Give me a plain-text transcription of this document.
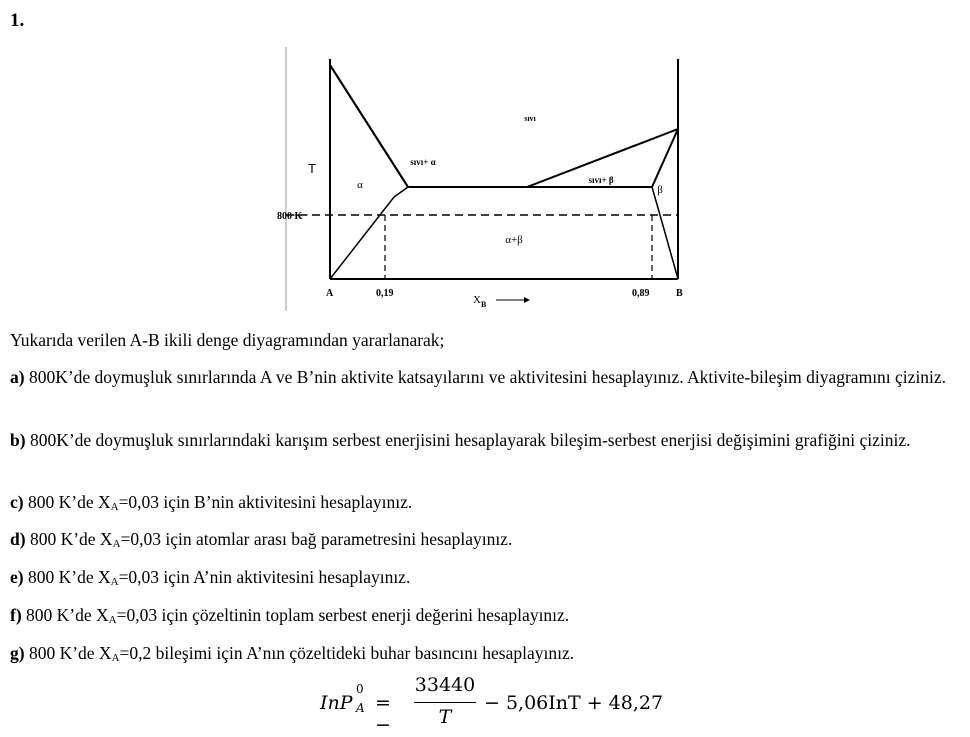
1.
T
800 K
sıvı
sıvı+ α
sıvı+ β
α	β
α+β
A	B
0,19	0,89
$X_B$
Yukarıda verilen A-B ikili denge diyagramından yararlanarak;
a) 800K’de doymuşluk sınırlarında A ve B’nin aktivite katsayılarını ve aktivitesini hesaplayınız. Aktivite-bileşim diyagramını çiziniz.
b) 800K’de doymuşluk sınırlarındaki karışım serbest enerjisini hesaplayarak bileşim-serbest enerjisi değişimini grafiğini çiziniz.
c) 800 K’de XA=0,03 için B’nin aktivitesini hesaplayınız.
d) 800 K’de XA=0,03 için atomlar arası bağ parametresini hesaplayınız.
e) 800 K’de XA=0,03 için A’nin aktivitesini hesaplayınız.
f) 800 K’de XA=0,03 için çözeltinin toplam serbest enerji değerini hesaplayınız.
g) 800 K’de XA=0,2 bileşimi için A’nın çözeltideki buhar basıncını hesaplayınız.
InP
0
A = −
33440
T
− 5,06InT + 48,27
